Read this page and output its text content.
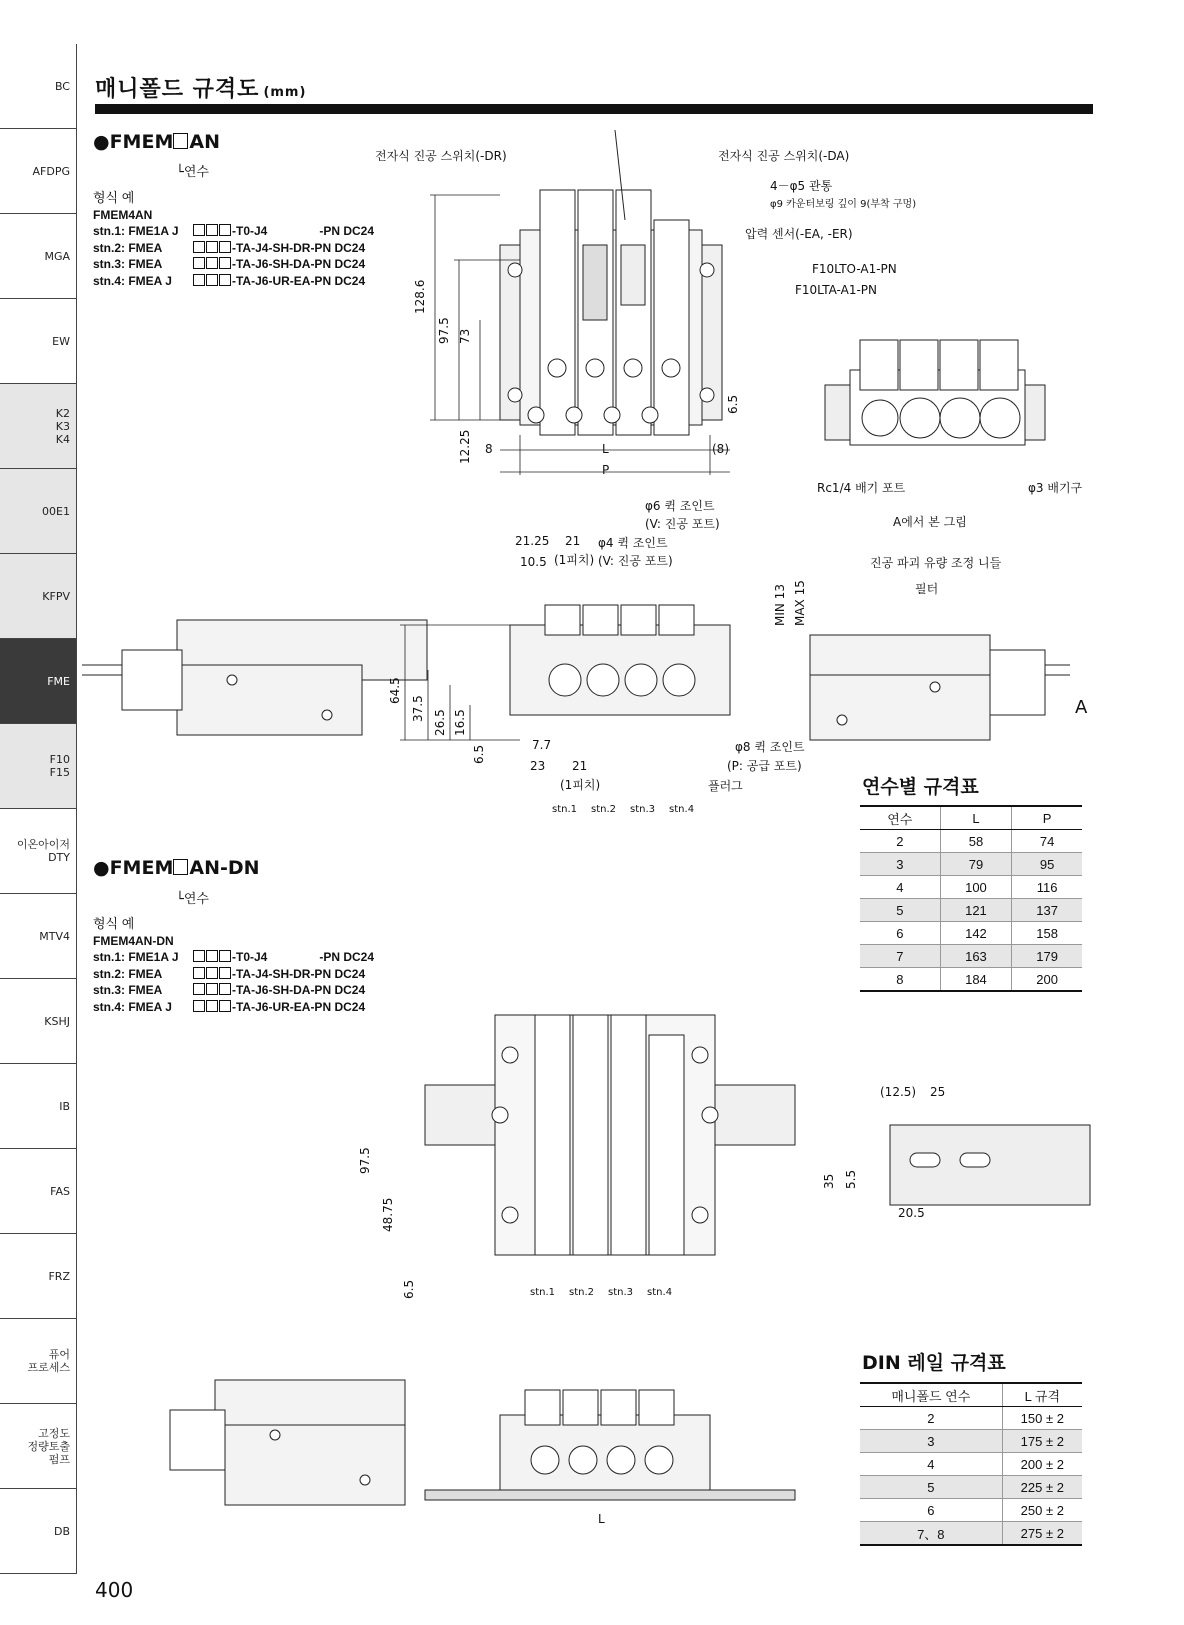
BC
AFDPG
MGA
EW
K2
K3
K4
00E1
KFPV
FME
F10
F15
이온아이저
DTY
MTV4
KSHJ
IB
FAS
FRZ
퓨어
프로세스
고정도
정량토출
펌프
DB
매니폴드 규격도 (mm)
●FMEM AN
└연수
형식 예
FMEM4AN
stn.1: FME1A J	-T0-J4	-PN DC24
stn.2: FMEA	-TA-J4-SH-DR-PN DC24
stn.3: FMEA	-TA-J6-SH-DA-PN DC24
stn.4: FMEA J	-TA-J6-UR-EA-PN DC24
●FMEM AN-DN
└연수
형식 예
FMEM4AN-DN
stn.1: FME1A J	-T0-J4	-PN DC24
stn.2: FMEA	-TA-J4-SH-DR-PN DC24
stn.3: FMEA	-TA-J6-SH-DA-PN DC24
stn.4: FMEA J	-TA-J6-UR-EA-PN DC24
전자식 진공 스위치(-DR)	전자식 진공 스위치(-DA)
4－φ5 관통
φ9 카운터보링 깊이 9(부착 구멍)
압력 센서(-EA, -ER)
128.6
97.5 73
12.25
6.5
8	L	(8)
P
F10LTO-A1-PN
F10LTA-A1-PN
Rc1/4 배기 포트	φ3 배기구
A에서 본 그림
φ6 퀵 조인트
(V: 진공 포트)
φ4 퀵 조인트
(V: 진공 포트)
21.25 21
(1피치)
10.5
64.5
37.5
26.5 16.5
6.5	7.7
23 21
(1피치)
φ8 퀵 조인트
(P: 공급 포트)
플러그
stn.1 stn.2 stn.3 stn.4
진공 파괴 유량 조정 니들
필터
MIN 13 MAX 15
A
연수별 규격표
연수	L	P
2	58	74
3	79	95
4	100	116
5	121	137
6	142	158
7	163	179
8	184	200
97.5
48.75
6.5	stn.1 stn.2 stn.3 stn.4
(12.5) 25
35 5.5
20.5
L
DIN 레일 규격표
매니폴드 연수	L 규격
2	150 ± 2
3	175 ± 2
4	200 ± 2
5	225 ± 2
6	250 ± 2
7、8	275 ± 2
400
